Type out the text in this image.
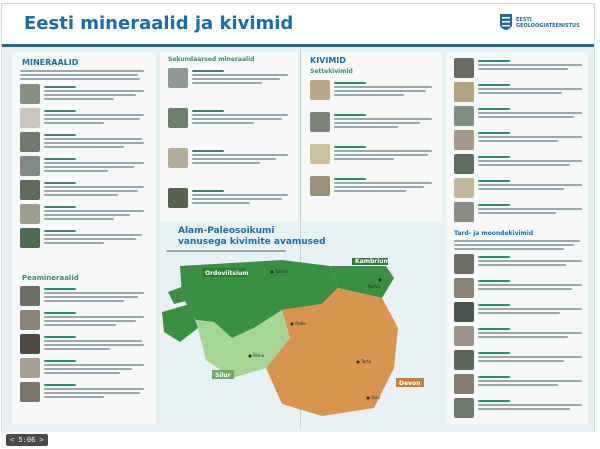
Eesti mineraalid ja kivimid	EESTI
GEOLOOGIATEENISTUS
MINERAALID
Peamineraalid
Sekundaarsed mineraalid	KIVIMID
Settekivimid
Tard- ja moondekivimid
Alam-Paleosoikumi
vanusega kivimite avamused
Ordoviitsium
Kambrium
Silur
Devon
Tallinn
Narva
Paide
Pärnu
Tartu
Võru
< 5:06 >
